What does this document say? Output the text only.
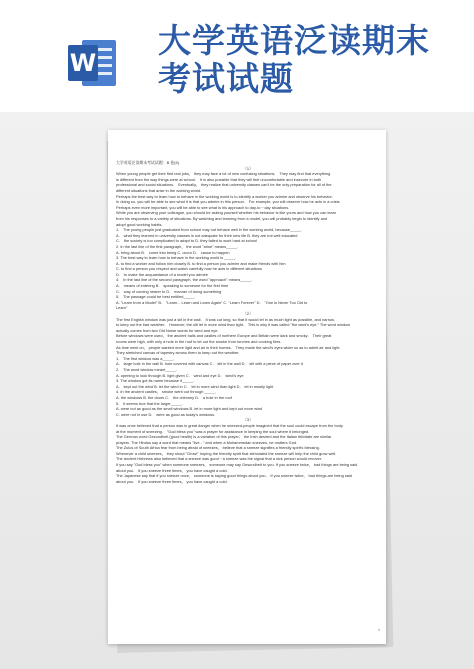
W
大学英语泛读期末
考试试题

大学英语泛读期末考试试题：B 卷(5)

（1）

When young people get their first real jobs， they may face a lot of new confusing situations． They may find that everything

is different from the way things were at school． It is also possible that they will feel uncomfortable and insecure in both

professional and social situations． Eventually， they realize that university classes can't be the only preparation for all of the

different situations that arise in the working world．

Perhaps the best way to learn how to behave in the working world is to identify a worker you admire and observe his behavior．

In doing so, you will be able to see what it is that you admire in this person． For example, you will observe how he acts in a crisis.

Perhaps even more important, you will be able to see what is his approach to day-to－day situations.

While you are observing your colleague, you should be asking yourself whether his behavior is like yours and how you can learn

from his responses to a variety of situations. By watching and learning from a model, you will probably begin to identify and

adopt good working habits.

1． The young people just graduated from school may not behave well in the working world, because_____．

A． what they learned in university classes is not adequate for their new life B. they are not well educated

C． the society is too complicated to adapt to D. they failed to work hard at school

2. In the last line of the first paragraph， the word "arise" means_____.

A. bring about B． come into being C. occur D． cause to happen

3. The best way to learn how to behave in the working world is _____.

A. to find a worker and follow him closely B. to find a person you admire and make friends with him

C. to find a person you respect and watch carefully how he acts in different situations

D． to make the acquaintance of a model you admire

4． In the last line of the second paragraph, the word "approach" means_____.

A． means of entering B． speaking to someone for the first time

C． way of coming nearer to D． manner of doing something

5． The passage could be best entitled_____.

A. "Learn from a Model" B． "Learn... Learn and Learn Again" C. "Learn Forever" D． "One is Never Too Old to

Learn"

（2）

The first English window was just a slit in the wall． It was cut long, so that it would let in as much light as possible, and narrow,

to keep out the bad weather． However, the slit let in more wind than light． This is why it was called "the wind's eye." The word window

actually comes from two Old Norse words for wind and eye.

Before windows were used， the ancient halls and castles of northern Europe and Britain were dark and smoky． Their great

rooms were high, with only a hole in the roof to let out the smoke from torches and cooking fires.

As time went on， people wanted more light and air in their homes． They made the wind's eyes wider so as to admit air and light.

They stretched canvas of tapestry across them to keep out the weather.

1． The first window was a_____.

A． large hole in the wall B. hole covered with canvas C． slit in the wall D． slit with a piece of paper over it

2． The word window meant_____.

A. opening to look through B. light given C． wind and eye D． wind's eye

3. The window got its name because it_____.

A． kept out the wind B. let the wind in C． let in more wind than light D． let in mostly light

4. In the ancient castles， smoke went out through _____.

A. the windows B. the doors C． the chimney D． a hole in the roof

5． It seems true that the larger_____.

A. were not as good as the small windows B. let in more light and kept out more wind

C. were not in use D． were as good as today's windows.

（3）

It was once believed that a person was in great danger when he sneezed-people imagined that the soul could escape from the body

at the moment of sneezing． "God bless you" was a prayer for assistance in keeping the soul where it belonged.

The German word Gesundheit (good health) is a variation of this prayer； the Irish desired and the Italian felicitate are similar

prayers. The Hindus say a word that means "live - " and when a Mohammedan sneezes, he mutters God.

The Zulus of South Africa fear from being afraid of sneezes， believe that a sneeze signifies a friendly spirit's blessing.

Whenever a child sneezes， they shout "Grow!" hoping the friendly spirit that stimulated the sneeze will help the child grow well.

The ancient Hebrews also believed that a sneeze was good－a sneeze was the signal that a sick person would recover.

If you say "God bless you" when someone sneezes， someone may say Gesundheit to you. If you sneeze twice， bad things are being said

about you． If you sneeze three times， you have caught a cold.

The Japanese say that if you sneeze once， someone is saying good things about you． If you sneeze twice， bad things are being said

about you． If you sneeze three times， you have caught a cold.

1
